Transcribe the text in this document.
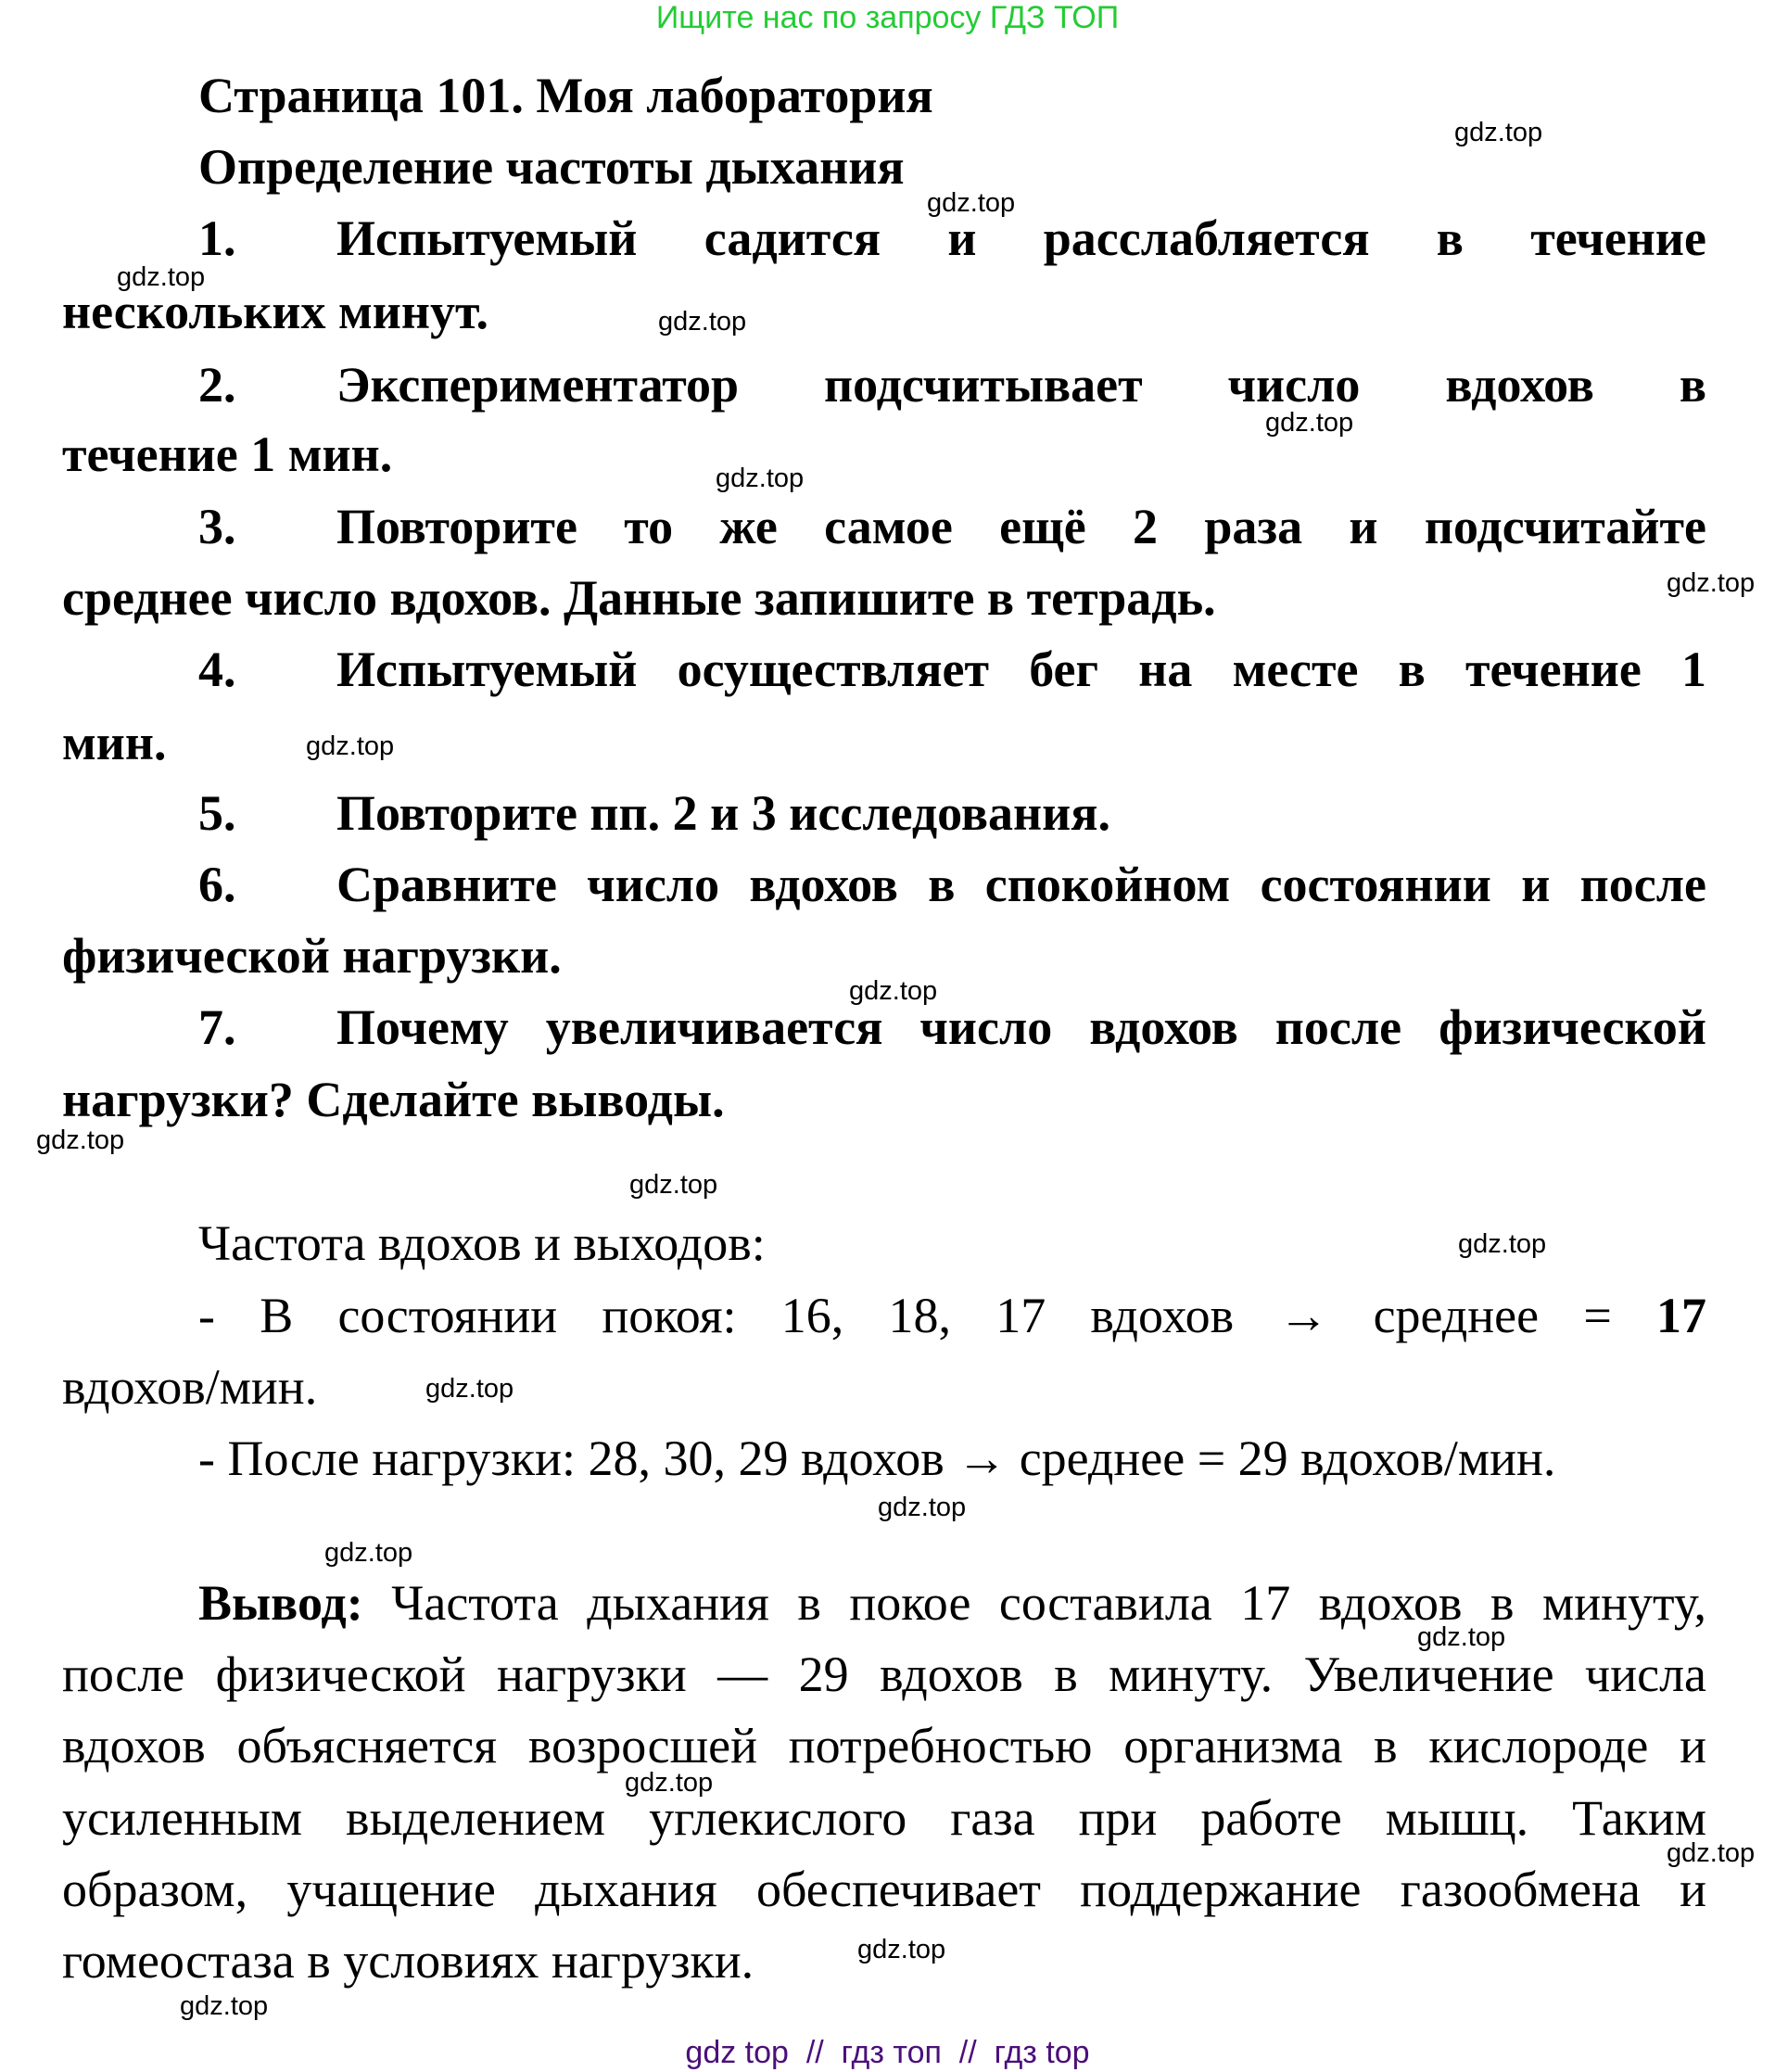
Ищите нас по запросу ГДЗ ТОП
Страница 101. Моя лаборатория
Определение частоты дыхания
1. Испытуемый садится и расслабляется в течение
нескольких минут.
2. Экспериментатор подсчитывает число вдохов в
течение 1 мин.
3. Повторите то же самое ещё 2 раза и подсчитайте
среднее число вдохов. Данные запишите в тетрадь.
4. Испытуемый осуществляет бег на месте в течение 1
мин.
5. Повторите пп. 2 и 3 исследования.
6. Сравните число вдохов в спокойном состоянии и после
физической нагрузки.
7. Почему увеличивается число вдохов после физической
нагрузки? Сделайте выводы.
Частота вдохов и выходов:
- В состоянии покоя: 16, 18, 17 вдохов → среднее = 17
вдохов/мин.
- После нагрузки: 28, 30, 29 вдохов → среднее = 29 вдохов/мин.
Вывод: Частота дыхания в покое составила 17 вдохов в минуту,
после физической нагрузки — 29 вдохов в минуту. Увеличение числа
вдохов объясняется возросшей потребностью организма в кислороде и
усиленным выделением углекислого газа при работе мышц. Таким
образом, учащение дыхания обеспечивает поддержание газообмена и
гомеостаза в условиях нагрузки.
gdz.top
gdz.top
gdz.top
gdz.top
gdz.top
gdz.top
gdz.top
gdz.top
gdz.top
gdz.top
gdz.top
gdz.top
gdz.top
gdz.top
gdz.top
gdz.top
gdz.top
gdz.top
gdz.top
gdz.top
gdz top  //  гдз топ  //  гдз top
